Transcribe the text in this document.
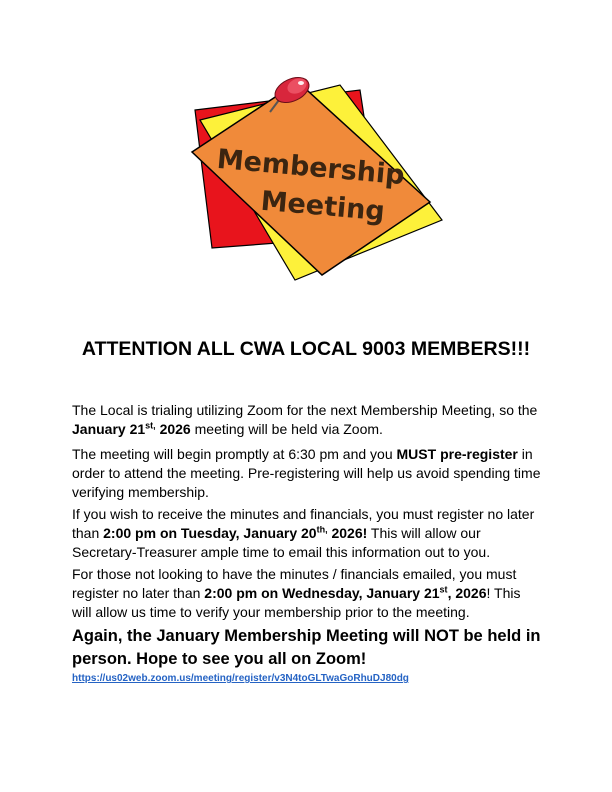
Membership
Meeting
ATTENTION ALL CWA LOCAL 9003 MEMBERS!!!
The Local is trialing utilizing Zoom for the next Membership Meeting, so the January $21^{st,}$ 2026 meeting will be held via Zoom.
The meeting will begin promptly at 6:30 pm and you MUST pre-register in order to attend the meeting. Pre-registering will help us avoid spending time verifying membership.
If you wish to receive the minutes and financials, you must register no later than 2:00 pm on Tuesday, January $20^{th,}$ 2026! This will allow our Secretary-Treasurer ample time to email this information out to you.
For those not looking to have the minutes / financials emailed, you must register no later than 2:00 pm on Wednesday, January 21st, 2026! This will allow us time to verify your membership prior to the meeting.
Again, the January Membership Meeting will NOT be held in person. Hope to see you all on Zoom!
https://us02web.zoom.us/meeting/register/v3N4toGLTwaGoRhuDJ80dg
